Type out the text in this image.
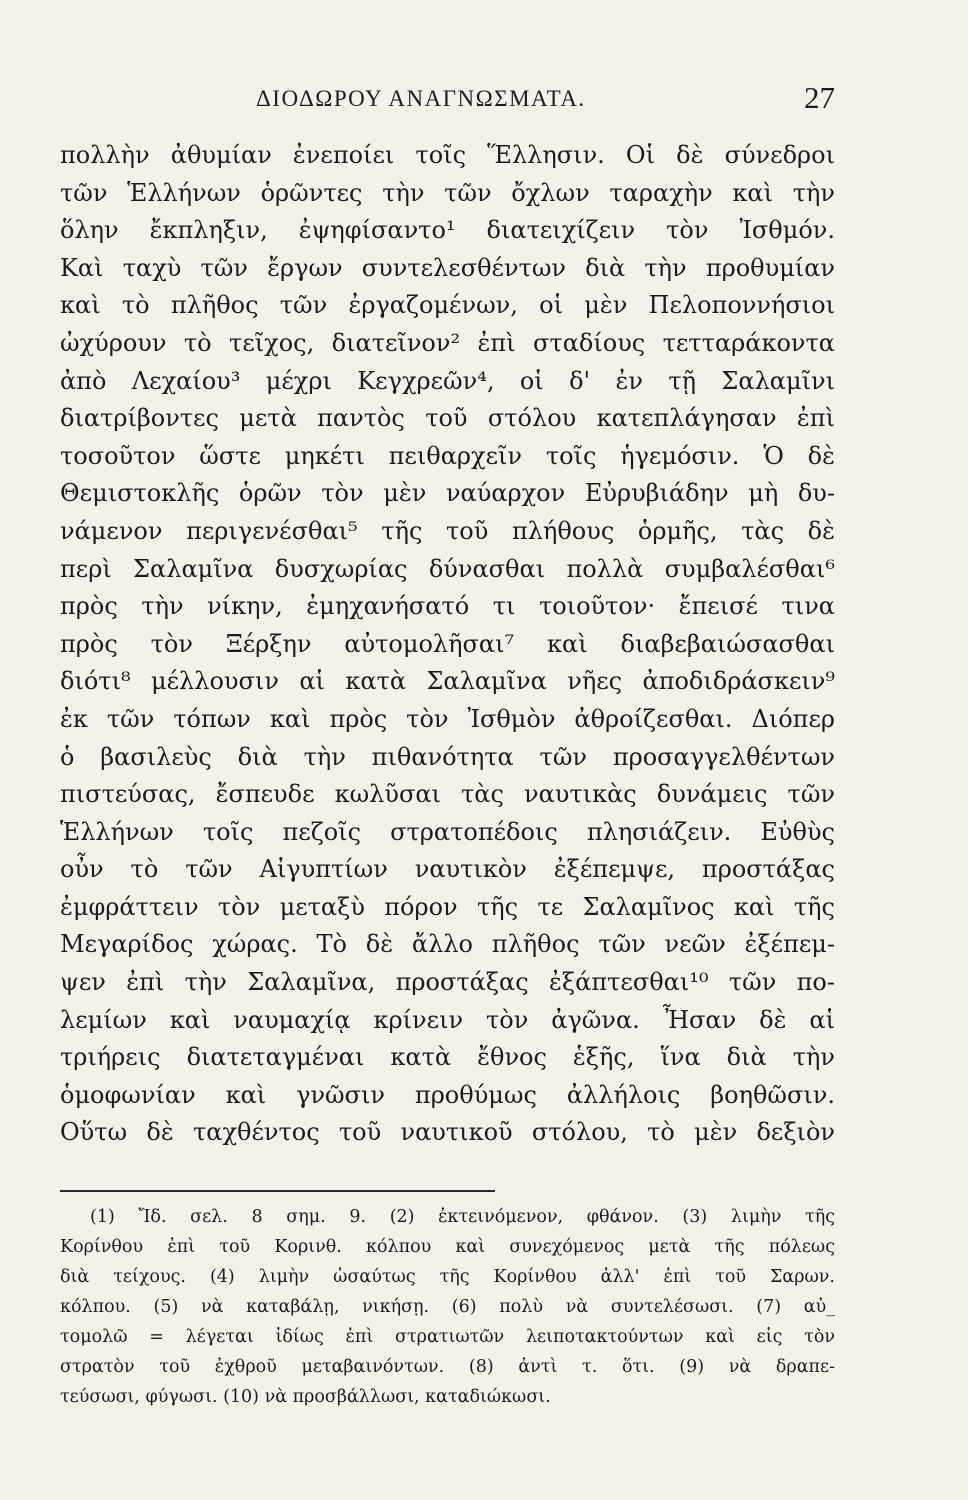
ΔΙΟΔΩΡΟΥ ΑΝΑΓΝΩΣΜΑΤΑ.	27
πολλὴν ἀθυμίαν ἐνεποίει τοῖς Ἕλλησιν. Οἱ δὲ σύνεδροι
τῶν Ἑλλήνων ὁρῶντες τὴν τῶν ὄχλων ταραχὴν καὶ τὴν
ὅλην ἔκπληξιν, ἐψηφίσαντο¹ διατειχίζειν τὸν Ἰσθμόν.
Καὶ ταχὺ τῶν ἔργων συντελεσθέντων διὰ τὴν προθυμίαν
καὶ τὸ πλῆθος τῶν ἐργαζομένων, οἱ μὲν Πελοποννήσιοι
ὠχύρουν τὸ τεῖχος, διατεῖνον² ἐπὶ σταδίους τετταράκοντα
ἀπὸ Λεχαίου³ μέχρι Κεγχρεῶν⁴, οἱ δ' ἐν τῇ Σαλαμῖνι
διατρίβοντες μετὰ παντὸς τοῦ στόλου κατεπλάγησαν ἐπὶ
τοσοῦτον ὥστε μηκέτι πειθαρχεῖν τοῖς ἡγεμόσιν. Ὁ δὲ
Θεμιστοκλῆς ὁρῶν τὸν μὲν ναύαρχον Εὐρυβιάδην μὴ δυ-
νάμενον περιγενέσθαι⁵ τῆς τοῦ πλήθους ὁρμῆς, τὰς δὲ
περὶ Σαλαμῖνα δυσχωρίας δύνασθαι πολλὰ συμβαλέσθαι⁶
πρὸς τὴν νίκην, ἐμηχανήσατό τι τοιοῦτον· ἔπεισέ τινα
πρὸς τὸν Ξέρξην αὐτομολῆσαι⁷ καὶ διαβεβαιώσασθαι
διότι⁸ μέλλουσιν αἱ κατὰ Σαλαμῖνα νῆες ἀποδιδράσκειν⁹
ἐκ τῶν τόπων καὶ πρὸς τὸν Ἰσθμὸν ἀθροίζεσθαι. Διόπερ
ὁ βασιλεὺς διὰ τὴν πιθανότητα τῶν προσαγγελθέντων
πιστεύσας, ἔσπευδε κωλῦσαι τὰς ναυτικὰς δυνάμεις τῶν
Ἑλλήνων τοῖς πεζοῖς στρατοπέδοις πλησιάζειν. Εὐθὺς
οὖν τὸ τῶν Αἰγυπτίων ναυτικὸν ἐξέπεμψε, προστάξας
ἐμφράττειν τὸν μεταξὺ πόρον τῆς τε Σαλαμῖνος καὶ τῆς
Μεγαρίδος χώρας. Τὸ δὲ ἄλλο πλῆθος τῶν νεῶν ἐξέπεμ-
ψεν ἐπὶ τὴν Σαλαμῖνα, προστάξας ἐξάπτεσθαι¹⁰ τῶν πο-
λεμίων καὶ ναυμαχίᾳ κρίνειν τὸν ἀγῶνα. Ἦσαν δὲ αἱ
τριήρεις διατεταγμέναι κατὰ ἔθνος ἑξῆς, ἵνα διὰ τὴν
ὁμοφωνίαν καὶ γνῶσιν προθύμως ἀλλήλοις βοηθῶσιν.
Οὕτω δὲ ταχθέντος τοῦ ναυτικοῦ στόλου, τὸ μὲν δεξιὸν
(1) Ἴδ. σελ. 8 σημ. 9. (2) ἐκτεινόμενον, φθάνον. (3) λιμὴν τῆς
Κορίνθου ἐπὶ τοῦ Κορινθ. κόλπου καὶ συνεχόμενος μετὰ τῆς πόλεως
διὰ τείχους. (4) λιμὴν ὡσαύτως τῆς Κορίνθου ἀλλ' ἐπὶ τοῦ Σαρων.
κόλπου. (5) νὰ καταβάλῃ, νικήσῃ. (6) πολὺ νὰ συντελέσωσι. (7) αὐ_
τομολῶ = λέγεται ἰδίως ἐπὶ στρατιωτῶν λειποτακτούντων καὶ εἰς τὸν
στρατὸν τοῦ ἐχθροῦ μεταβαινόντων. (8) ἀντὶ τ. ὅτι. (9) νὰ δραπε-
τεύσωσι, φύγωσι. (10) νὰ προσβάλλωσι, καταδιώκωσι.
